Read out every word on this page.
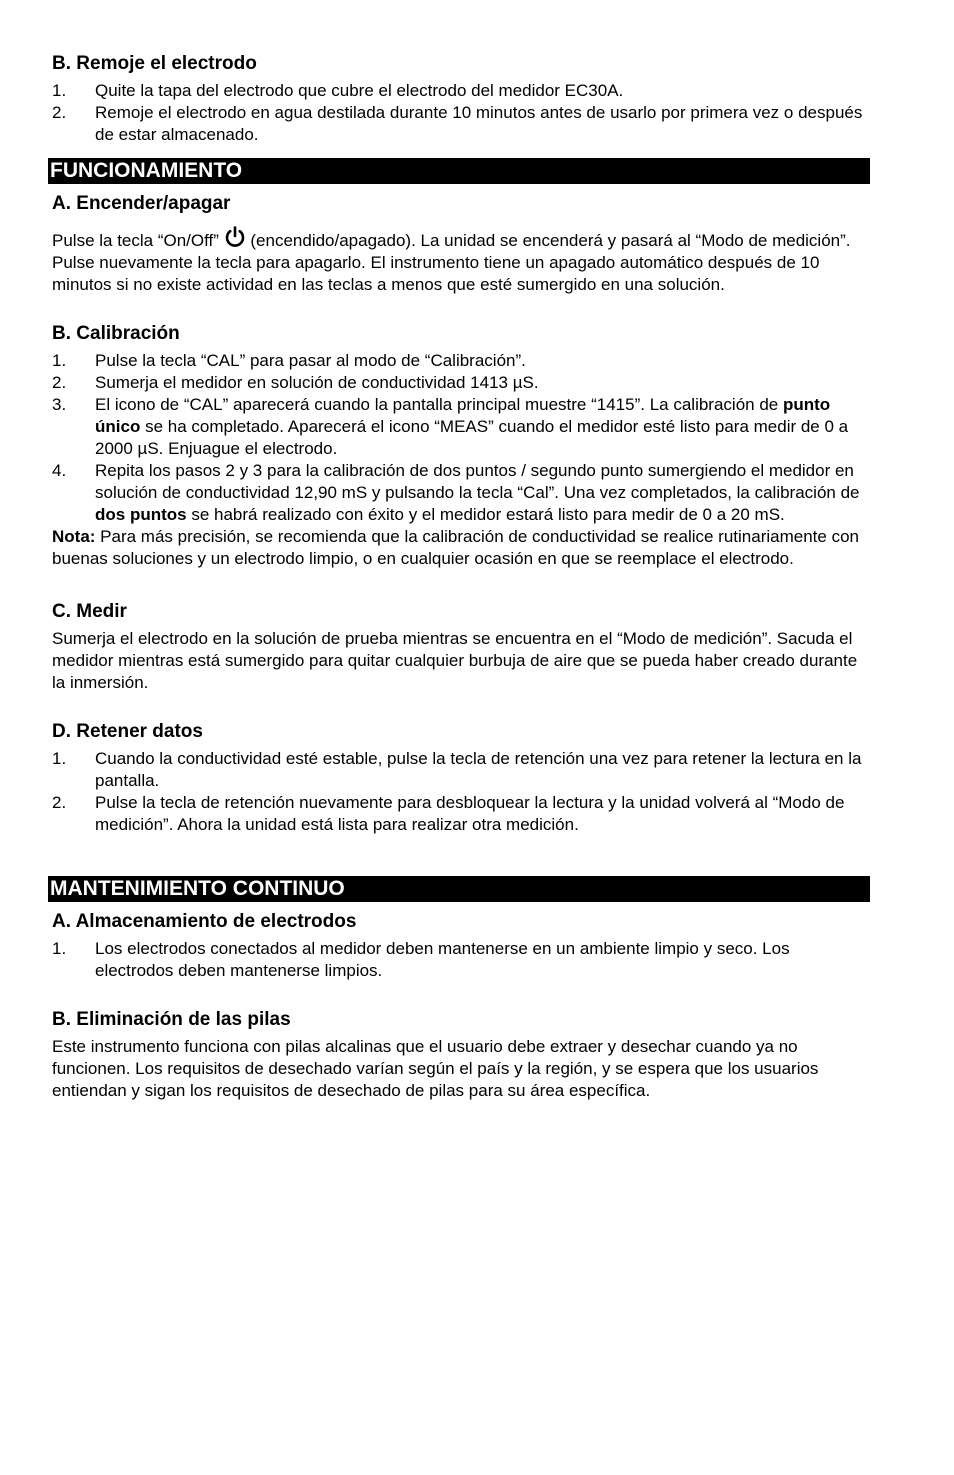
B. Remoje el electrodo
1. Quite la tapa del electrodo que cubre el electrodo del medidor EC30A.
2. Remoje el electrodo en agua destilada durante 10 minutos antes de usarlo por primera vez o después de estar almacenado.
FUNCIONAMIENTO
A. Encender/apagar

Pulse la tecla “On/Off”
(encendido/apagado). La unidad se encenderá y pasará al “Modo de medición”. Pulse nuevamente la tecla para apagarlo. El instrumento tiene un apagado automático después de 10 minutos si no existe actividad en las teclas a menos que esté sumergido en una solución.

B. Calibración
1. Pulse la tecla “CAL” para pasar al modo de “Calibración”.
2. Sumerja el medidor en solución de conductividad 1413 µS.
3. El icono de “CAL” aparecerá cuando la pantalla principal muestre “1415”. La calibración de punto único se ha completado. Aparecerá el icono “MEAS” cuando el medidor esté listo para medir de 0 a 2000 µS. Enjuague el electrodo.
4. Repita los pasos 2 y 3 para la calibración de dos puntos / segundo punto sumergiendo el medidor en solución de conductividad 12,90 mS y pulsando la tecla “Cal”. Una vez completados, la calibración de dos puntos se habrá realizado con éxito y el medidor estará listo para medir de 0 a 20 mS.

Nota: Para más precisión, se recomienda que la calibración de conductividad se realice rutinariamente con buenas soluciones y un electrodo limpio, o en cualquier ocasión en que se reemplace el electrodo.

C. Medir

Sumerja el electrodo en la solución de prueba mientras se encuentra en el “Modo de medición”. Sacuda el medidor mientras está sumergido para quitar cualquier burbuja de aire que se pueda haber creado durante la inmersión.

D. Retener datos
1. Cuando la conductividad esté estable, pulse la tecla de retención una vez para retener la lectura en la pantalla.
2. Pulse la tecla de retención nuevamente para desbloquear la lectura y la unidad volverá al “Modo de medición”. Ahora la unidad está lista para realizar otra medición.
MANTENIMIENTO CONTINUO
A. Almacenamiento de electrodos
1. Los electrodos conectados al medidor deben mantenerse en un ambiente limpio y seco. Los electrodos deben mantenerse limpios.
B. Eliminación de las pilas

Este instrumento funciona con pilas alcalinas que el usuario debe extraer y desechar cuando ya no funcionen. Los requisitos de desechado varían según el país y la región, y se espera que los usuarios entiendan y sigan los requisitos de desechado de pilas para su área específica.
